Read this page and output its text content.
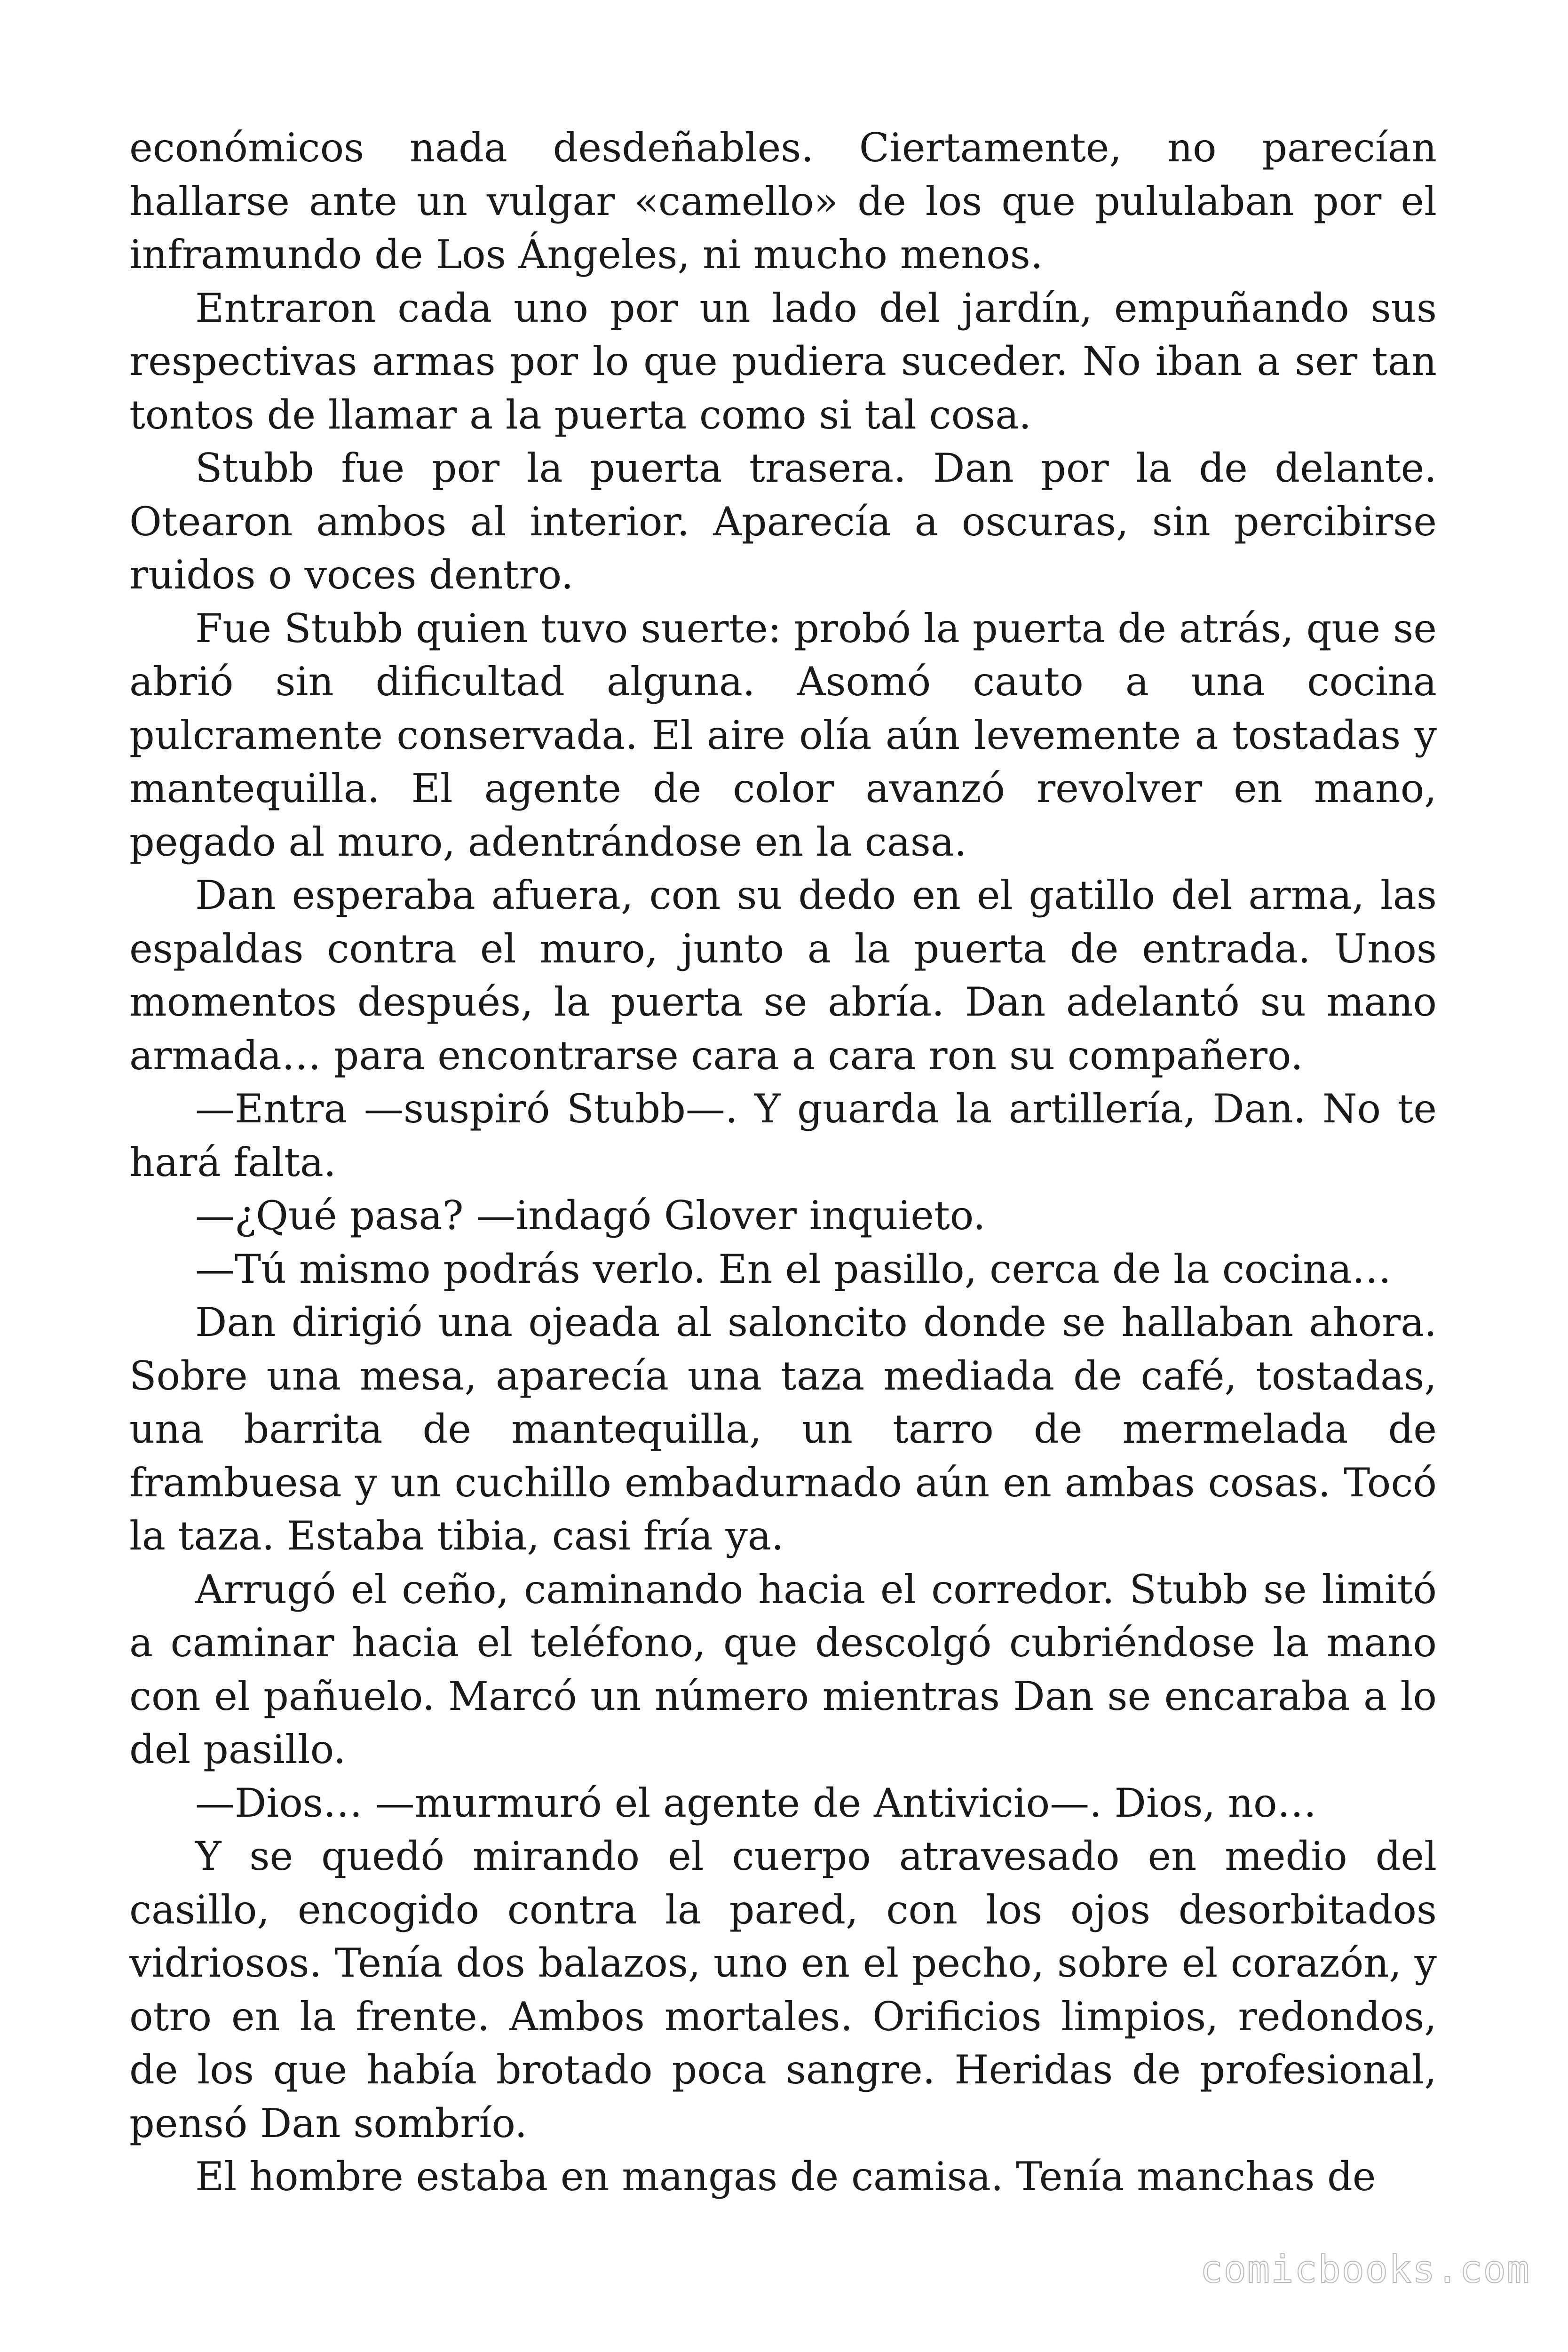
económicos nada desdeñables. Ciertamente, no parecían hallarse ante un vulgar «camello» de los que pululaban por el inframundo de Los Ángeles, ni mucho menos.

Entraron cada uno por un lado del jardín, empuñando sus respectivas armas por lo que pudiera suceder. No iban a ser tan tontos de llamar a la puerta como si tal cosa.

Stubb fue por la puerta trasera. Dan por la de delante. Otearon ambos al interior. Aparecía a oscuras, sin percibirse ruidos o voces dentro.

Fue Stubb quien tuvo suerte: probó la puerta de atrás, que se abrió sin dificultad alguna. Asomó cauto a una cocina pulcramente conservada. El aire olía aún levemente a tostadas y mantequilla. El agente de color avanzó revolver en mano, pegado al muro, adentrándose en la casa.

Dan esperaba afuera, con su dedo en el gatillo del arma, las espaldas contra el muro, junto a la puerta de entrada. Unos momentos después, la puerta se abría. Dan adelantó su mano armada… para encontrarse cara a cara ron su compañero.

—Entra —suspiró Stubb—. Y guarda la artillería, Dan. No te hará falta.

—¿Qué pasa? —indagó Glover inquieto.

—Tú mismo podrás verlo. En el pasillo, cerca de la cocina…

Dan dirigió una ojeada al saloncito donde se hallaban ahora. Sobre una mesa, aparecía una taza mediada de café, tostadas, una barrita de mantequilla, un tarro de mermelada de frambuesa y un cuchillo embadurnado aún en ambas cosas. Tocó la taza. Estaba tibia, casi fría ya.

Arrugó el ceño, caminando hacia el corredor. Stubb se limitó a caminar hacia el teléfono, que descolgó cubriéndose la mano con el pañuelo. Marcó un número mientras Dan se encaraba a lo del pasillo.

—Dios… —murmuró el agente de Antivicio—. Dios, no…

Y se quedó mirando el cuerpo atravesado en medio del casillo, encogido contra la pared, con los ojos desorbitados vidriosos. Tenía dos balazos, uno en el pecho, sobre el corazón, y otro en la frente. Ambos mortales. Orificios limpios, redondos, de los que había brotado poca sangre. Heridas de profesional, pensó Dan sombrío.

El hombre estaba en mangas de camisa. Tenía manchas de

comicbooks.com
